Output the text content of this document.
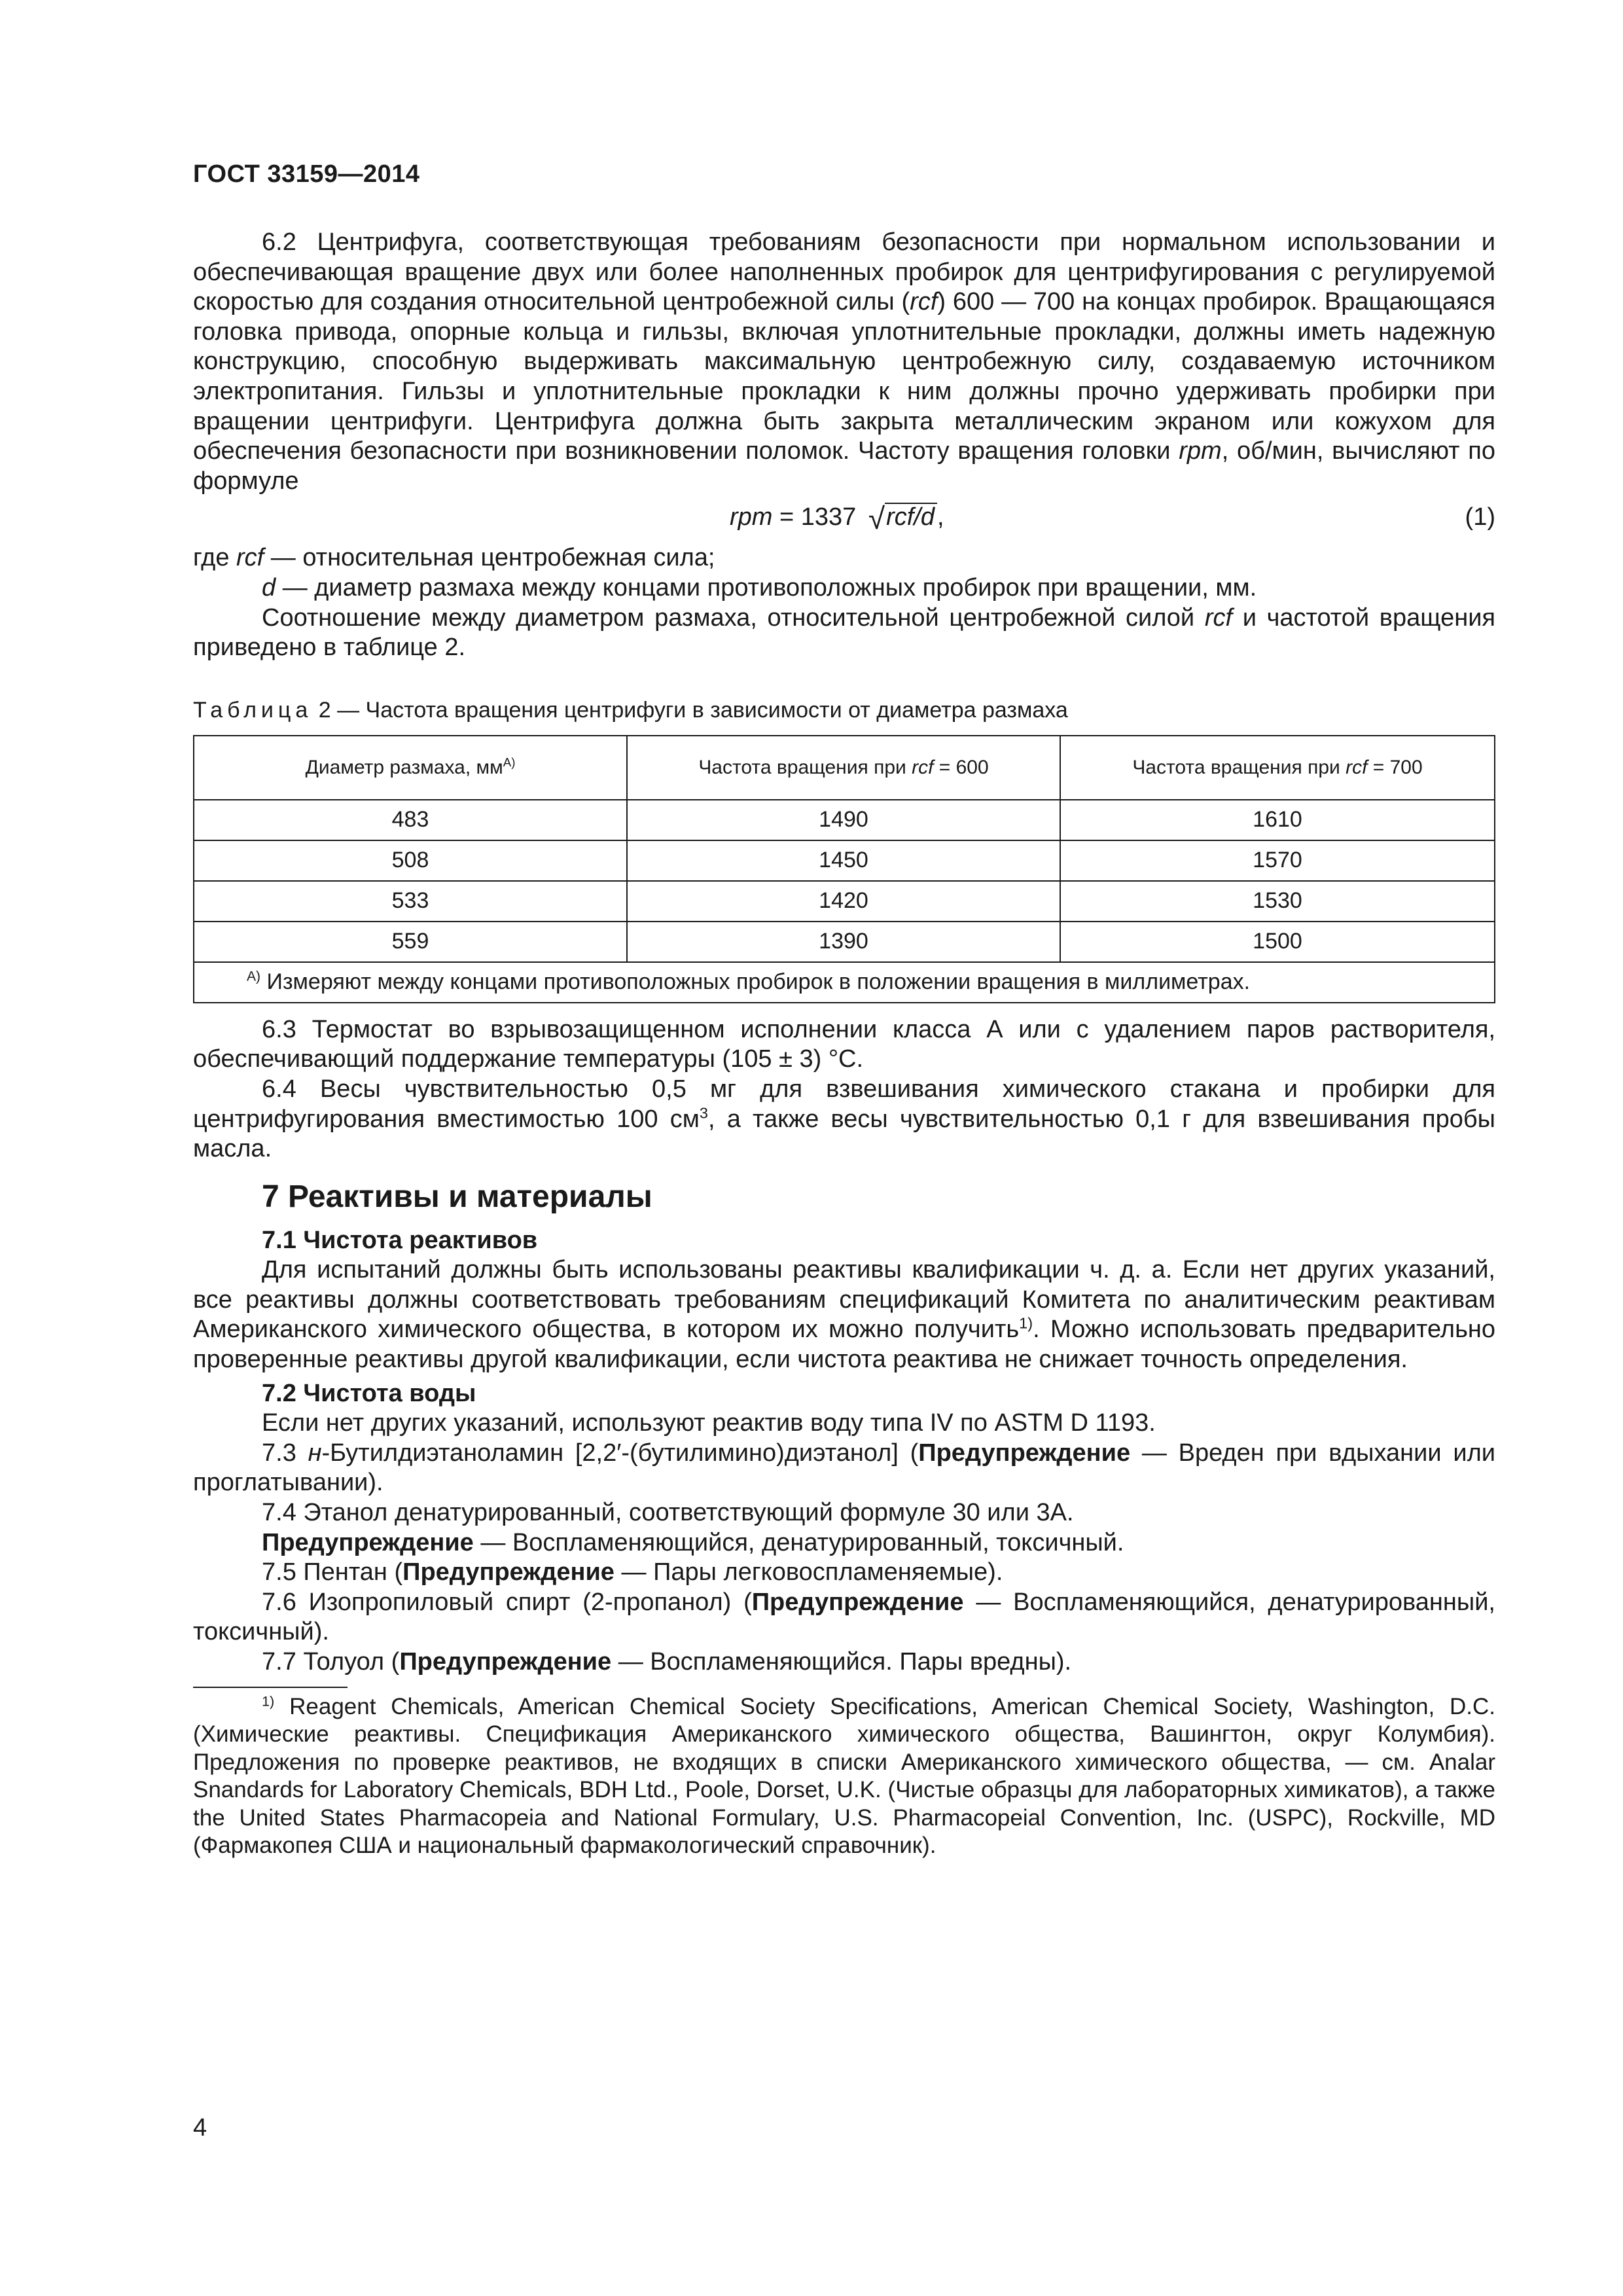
ГОСТ 33159—2014

6.2 Центрифуга, соответствующая требованиям безопасности при нормальном использовании и обеспечивающая вращение двух или более наполненных пробирок для центрифугирования с регулируемой скоростью для создания относительной центробежной силы (rcf) 600 — 700 на концах пробирок. Вращающаяся головка привода, опорные кольца и гильзы, включая уплотнительные прокладки, должны иметь надежную конструкцию, способную выдерживать максимальную центробежную силу, создаваемую источником электропитания. Гильзы и уплотнительные прокладки к ним должны прочно удерживать пробирки при вращении центрифуги. Центрифуга должна быть закрыта металлическим экраном или кожухом для обеспечения безопасности при возникновении поломок. Частоту вращения головки rpm, об/мин, вычисляют по формуле

rpm = 1337 √rcf/d ,	(1)

где rcf — относительная центробежная сила;

d — диаметр размаха между концами противоположных пробирок при вращении, мм.

Соотношение между диаметром размаха, относительной центробежной силой rcf и частотой вращения приведено в таблице 2.

Таблица 2 — Частота вращения центрифуги в зависимости от диаметра размаха
Диаметр размаха, $мм^{А)}$	Частота вращения при rcf = 600	Частота вращения при rcf = 700
483	1490	1610
508	1450	1570
533	1420	1530
559	1390	1500
$^{А)}$ Измеряют между концами противоположных пробирок в положении вращения в миллиметрах.		

6.3 Термостат во взрывозащищенном исполнении класса А или с удалением паров растворителя, обеспечивающий поддержание температуры (105 ± 3) °С.

6.4 Весы чувствительностью 0,5 мг для взвешивания химического стакана и пробирки для центрифугирования вместимостью 100 $см^3$, а также весы чувствительностью 0,1 г для взвешивания пробы масла.

7 Реактивы и материалы

7.1 Чистота реактивов

Для испытаний должны быть использованы реактивы квалификации ч. д. а. Если нет других указаний, все реактивы должны соответствовать требованиям спецификаций Комитета по аналитическим реактивам Американского химического общества, в котором их можно получить$^{1)}$. Можно использовать предварительно проверенные реактивы другой квалификации, если чистота реактива не снижает точность определения.

7.2 Чистота воды

Если нет других указаний, используют реактив воду типа IV по ASTM D 1193.

7.3 н-Бутилдиэтаноламин [2,2′-(бутилимино)диэтанол] (Предупреждение — Вреден при вдыхании или проглатывании).

7.4 Этанол денатурированный, соответствующий формуле 30 или 3А.

Предупреждение — Воспламеняющийся, денатурированный, токсичный.

7.5 Пентан (Предупреждение — Пары легковоспламеняемые).

7.6 Изопропиловый спирт (2-пропанол) (Предупреждение — Воспламеняющийся, денатурированный, токсичный).

7.7 Толуол (Предупреждение — Воспламеняющийся. Пары вредны).

$^{1)}$ Reagent Chemicals, American Chemical Society Specifications, American Chemical Society, Washington, D.C. (Химические реактивы. Спецификация Американского химического общества, Вашингтон, округ Колумбия). Предложения по проверке реактивов, не входящих в списки Американского химического общества, — см. Analar Snandards for Laboratory Chemicals, BDH Ltd., Poole, Dorset, U.K. (Чистые образцы для лабораторных химикатов), а также the United States Pharmacopeia and National Formulary, U.S. Pharmacopeial Convention, Inc. (USPC), Rockville, MD (Фармакопея США и национальный фармакологический справочник).

4
